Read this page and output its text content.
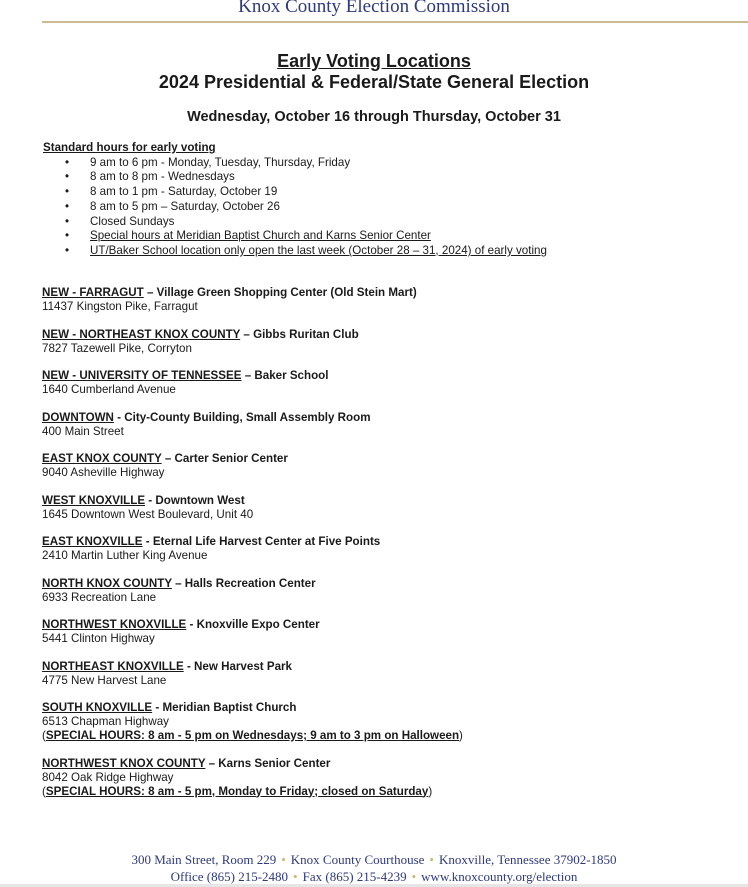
Knox County Election Commission
Early Voting Locations
2024 Presidential & Federal/State General Election
Wednesday, October 16 through Thursday, October 31
Standard hours for early voting
• 9 am to 6 pm - Monday, Tuesday, Thursday, Friday
• 8 am to 8 pm - Wednesdays
• 8 am to 1 pm - Saturday, October 19
• 8 am to 5 pm – Saturday, October 26
• Closed Sundays
• Special hours at Meridian Baptist Church and Karns Senior Center
• UT/Baker School location only open the last week (October 28 – 31, 2024) of early voting
NEW - FARRAGUT – Village Green Shopping Center (Old Stein Mart)
11437 Kingston Pike, Farragut
NEW - NORTHEAST KNOX COUNTY – Gibbs Ruritan Club
7827 Tazewell Pike, Corryton
NEW - UNIVERSITY OF TENNESSEE – Baker School
1640 Cumberland Avenue
DOWNTOWN - City-County Building, Small Assembly Room
400 Main Street
EAST KNOX COUNTY – Carter Senior Center
9040 Asheville Highway
WEST KNOXVILLE - Downtown West
1645 Downtown West Boulevard, Unit 40
EAST KNOXVILLE - Eternal Life Harvest Center at Five Points
2410 Martin Luther King Avenue
NORTH KNOX COUNTY – Halls Recreation Center
6933 Recreation Lane
NORTHWEST KNOXVILLE - Knoxville Expo Center
5441 Clinton Highway
NORTHEAST KNOXVILLE - New Harvest Park
4775 New Harvest Lane
SOUTH KNOXVILLE - Meridian Baptist Church
6513 Chapman Highway
(SPECIAL HOURS: 8 am - 5 pm on Wednesdays; 9 am to 3 pm on Halloween)
NORTHWEST KNOX COUNTY – Karns Senior Center
8042 Oak Ridge Highway
(SPECIAL HOURS: 8 am - 5 pm, Monday to Friday; closed on Saturday)
300 Main Street, Room 229 • Knox County Courthouse • Knoxville, Tennessee 37902-1850
Office (865) 215-2480 • Fax (865) 215-4239 • www.knoxcounty.org/election
